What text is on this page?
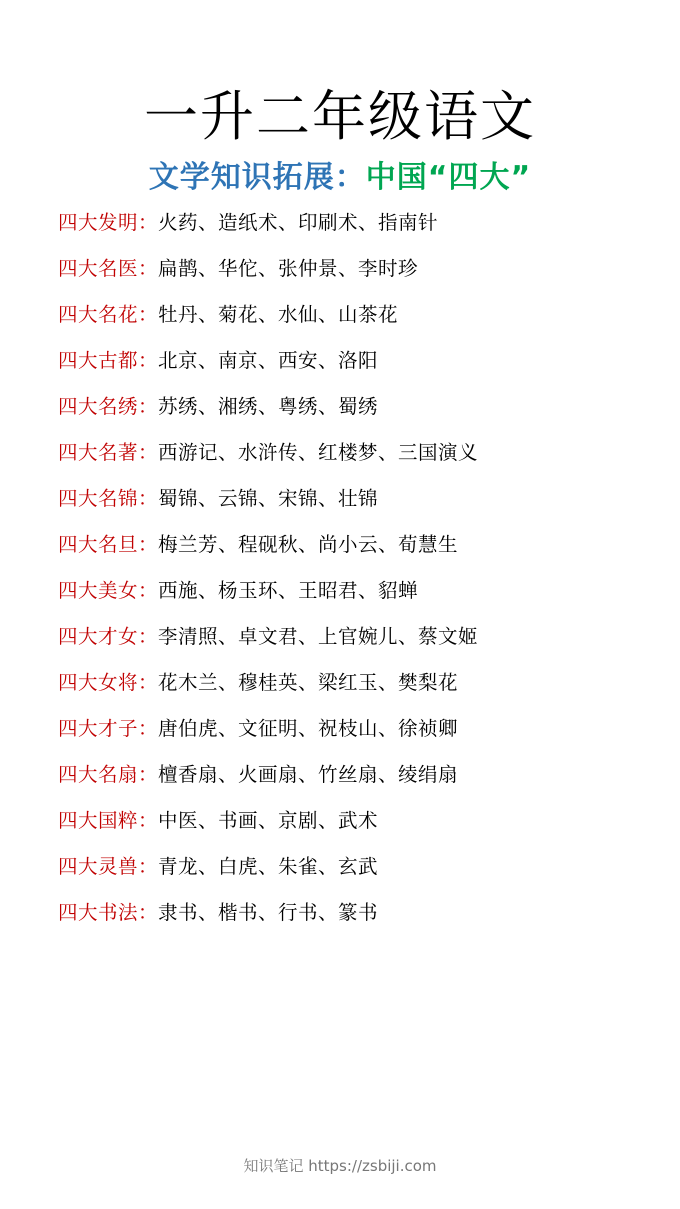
一升二年级语文
文学知识拓展：中国“四大”
四大发明：火药、造纸术、印刷术、指南针
四大名医：扁鹊、华佗、张仲景、李时珍
四大名花：牡丹、菊花、水仙、山茶花
四大古都：北京、南京、西安、洛阳
四大名绣：苏绣、湘绣、粤绣、蜀绣
四大名著：西游记、水浒传、红楼梦、三国演义
四大名锦：蜀锦、云锦、宋锦、壮锦
四大名旦：梅兰芳、程砚秋、尚小云、荀慧生
四大美女：西施、杨玉环、王昭君、貂蝉
四大才女：李清照、卓文君、上官婉儿、蔡文姬
四大女将：花木兰、穆桂英、梁红玉、樊梨花
四大才子：唐伯虎、文征明、祝枝山、徐祯卿
四大名扇：檀香扇、火画扇、竹丝扇、绫绢扇
四大国粹：中医、书画、京剧、武术
四大灵兽：青龙、白虎、朱雀、玄武
四大书法：隶书、楷书、行书、篆书
知识笔记 https://zsbiji.com
